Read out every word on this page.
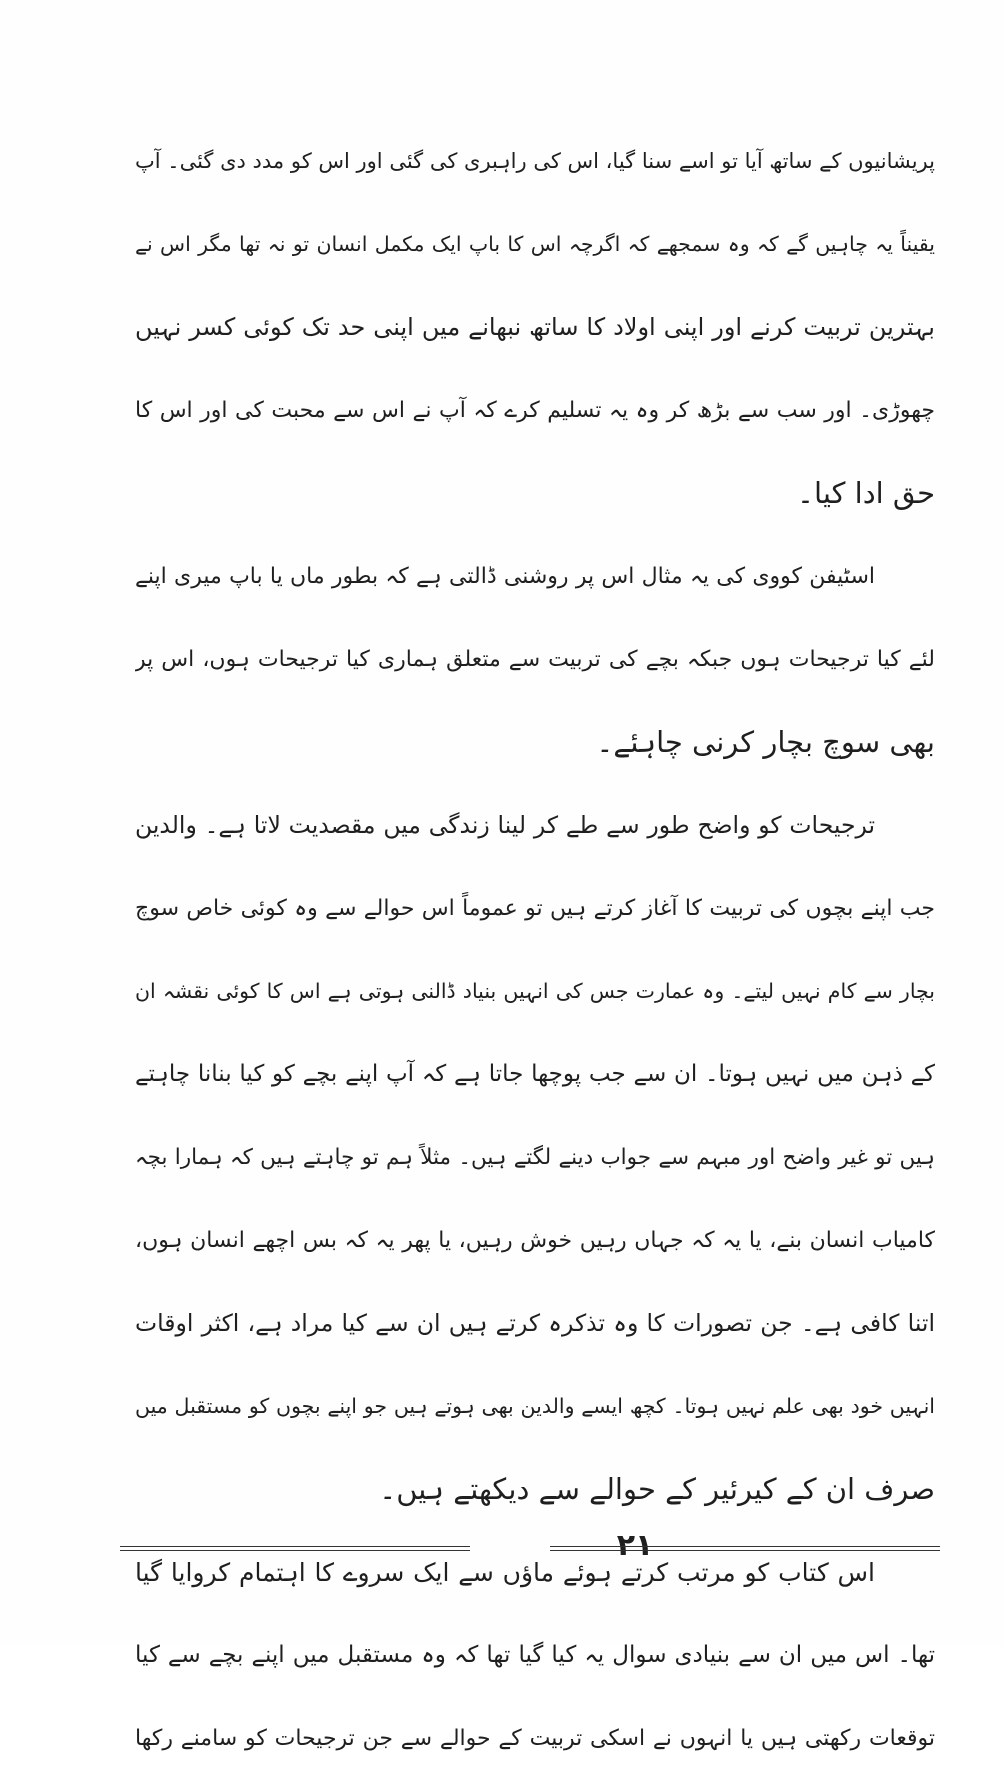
پریشانیوں کے ساتھ آیا تو اسے سنا گیا، اس کی راہبری کی گئی اور اس کو مدد دی گئی۔ آپ
یقیناً یہ چاہیں گے کہ وہ سمجھے کہ اگرچہ اس کا باپ ایک مکمل انسان تو نہ تھا مگر اس نے
بہترین تربیت کرنے اور اپنی اولاد کا ساتھ نبھانے میں اپنی حد تک کوئی کسر نہیں
چھوڑی۔ اور سب سے بڑھ کر وہ یہ تسلیم کرے کہ آپ نے اس سے محبت کی اور اس کا
حق ادا کیا۔
اسٹیفن کووی کی یہ مثال اس پر روشنی ڈالتی ہے کہ بطور ماں یا باپ میری اپنے
لئے کیا ترجیحات ہوں جبکہ بچے کی تربیت سے متعلق ہماری کیا ترجیحات ہوں، اس پر
بھی سوچ بچار کرنی چاہئے۔
ترجیحات کو واضح طور سے طے کر لینا زندگی میں مقصدیت لاتا ہے۔ والدین
جب اپنے بچوں کی تربیت کا آغاز کرتے ہیں تو عموماً اس حوالے سے وہ کوئی خاص سوچ
بچار سے کام نہیں لیتے۔ وہ عمارت جس کی انہیں بنیاد ڈالنی ہوتی ہے اس کا کوئی نقشہ ان
کے ذہن میں نہیں ہوتا۔ ان سے جب پوچھا جاتا ہے کہ آپ اپنے بچے کو کیا بنانا چاہتے
ہیں تو غیر واضح اور مبہم سے جواب دینے لگتے ہیں۔ مثلاً ہم تو چاہتے ہیں کہ ہمارا بچہ
کامیاب انسان بنے، یا یہ کہ جہاں رہیں خوش رہیں، یا پھر یہ کہ بس اچھے انسان ہوں،
اتنا کافی ہے۔ جن تصورات کا وہ تذکرہ کرتے ہیں ان سے کیا مراد ہے، اکثر اوقات
انہیں خود بھی علم نہیں ہوتا۔ کچھ ایسے والدین بھی ہوتے ہیں جو اپنے بچوں کو مستقبل میں
صرف ان کے کیرئیر کے حوالے سے دیکھتے ہیں۔
اس کتاب کو مرتب کرتے ہوئے ماؤں سے ایک سروے کا اہتمام کروایا گیا
تھا۔ اس میں ان سے بنیادی سوال یہ کیا گیا تھا کہ وہ مستقبل میں اپنے بچے سے کیا
توقعات رکھتی ہیں یا انہوں نے اسکی تربیت کے حوالے سے جن ترجیحات کو سامنے رکھا
۲۱
